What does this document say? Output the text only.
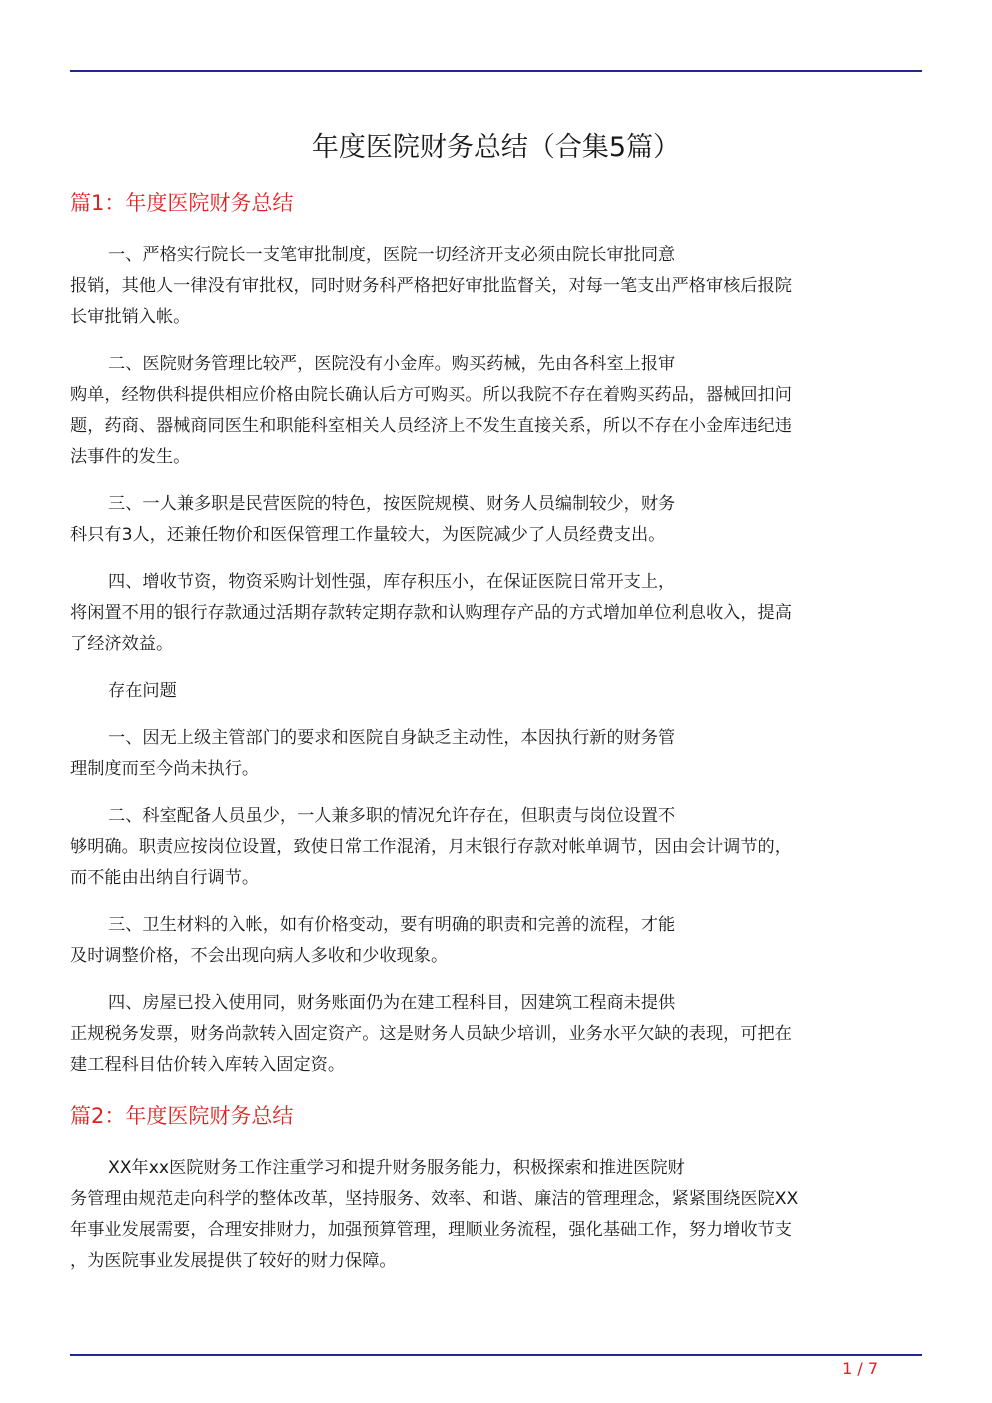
年度医院财务总结（合集5篇）
篇1：年度医院财务总结

一、严格实行院长一支笔审批制度，医院一切经济开支必须由院长审批同意
报销，其他人一律没有审批权，同时财务科严格把好审批监督关，对每一笔支出严格审核后报院
长审批销入帐。

二、医院财务管理比较严，医院没有小金库。购买药械，先由各科室上报审
购单，经物供科提供相应价格由院长确认后方可购买。所以我院不存在着购买药品，器械回扣问
题，药商、器械商同医生和职能科室相关人员经济上不发生直接关系，所以不存在小金库违纪违
法事件的发生。

三、一人兼多职是民营医院的特色，按医院规模、财务人员编制较少，财务
科只有3人，还兼任物价和医保管理工作量较大，为医院减少了人员经费支出。

四、增收节资，物资采购计划性强，库存积压小，在保证医院日常开支上，
将闲置不用的银行存款通过活期存款转定期存款和认购理存产品的方式增加单位利息收入，提高
了经济效益。

存在问题

一、因无上级主管部门的要求和医院自身缺乏主动性，本因执行新的财务管
理制度而至今尚未执行。

二、科室配备人员虽少，一人兼多职的情况允许存在，但职责与岗位设置不
够明确。职责应按岗位设置，致使日常工作混淆，月末银行存款对帐单调节，因由会计调节的，
而不能由出纳自行调节。

三、卫生材料的入帐，如有价格变动，要有明确的职责和完善的流程，才能
及时调整价格，不会出现向病人多收和少收现象。

四、房屋已投入使用同，财务账面仍为在建工程科目，因建筑工程商未提供
正规税务发票，财务尚款转入固定资产。这是财务人员缺少培训，业务水平欠缺的表现，可把在
建工程科目估价转入库转入固定资。

篇2：年度医院财务总结

XX年xx医院财务工作注重学习和提升财务服务能力，积极探索和推进医院财
务管理由规范走向科学的整体改革，坚持服务、效率、和谐、廉洁的管理理念，紧紧围绕医院XX
年事业发展需要，合理安排财力，加强预算管理，理顺业务流程，强化基础工作，努力增收节支
，为医院事业发展提供了较好的财力保障。

1 / 7
